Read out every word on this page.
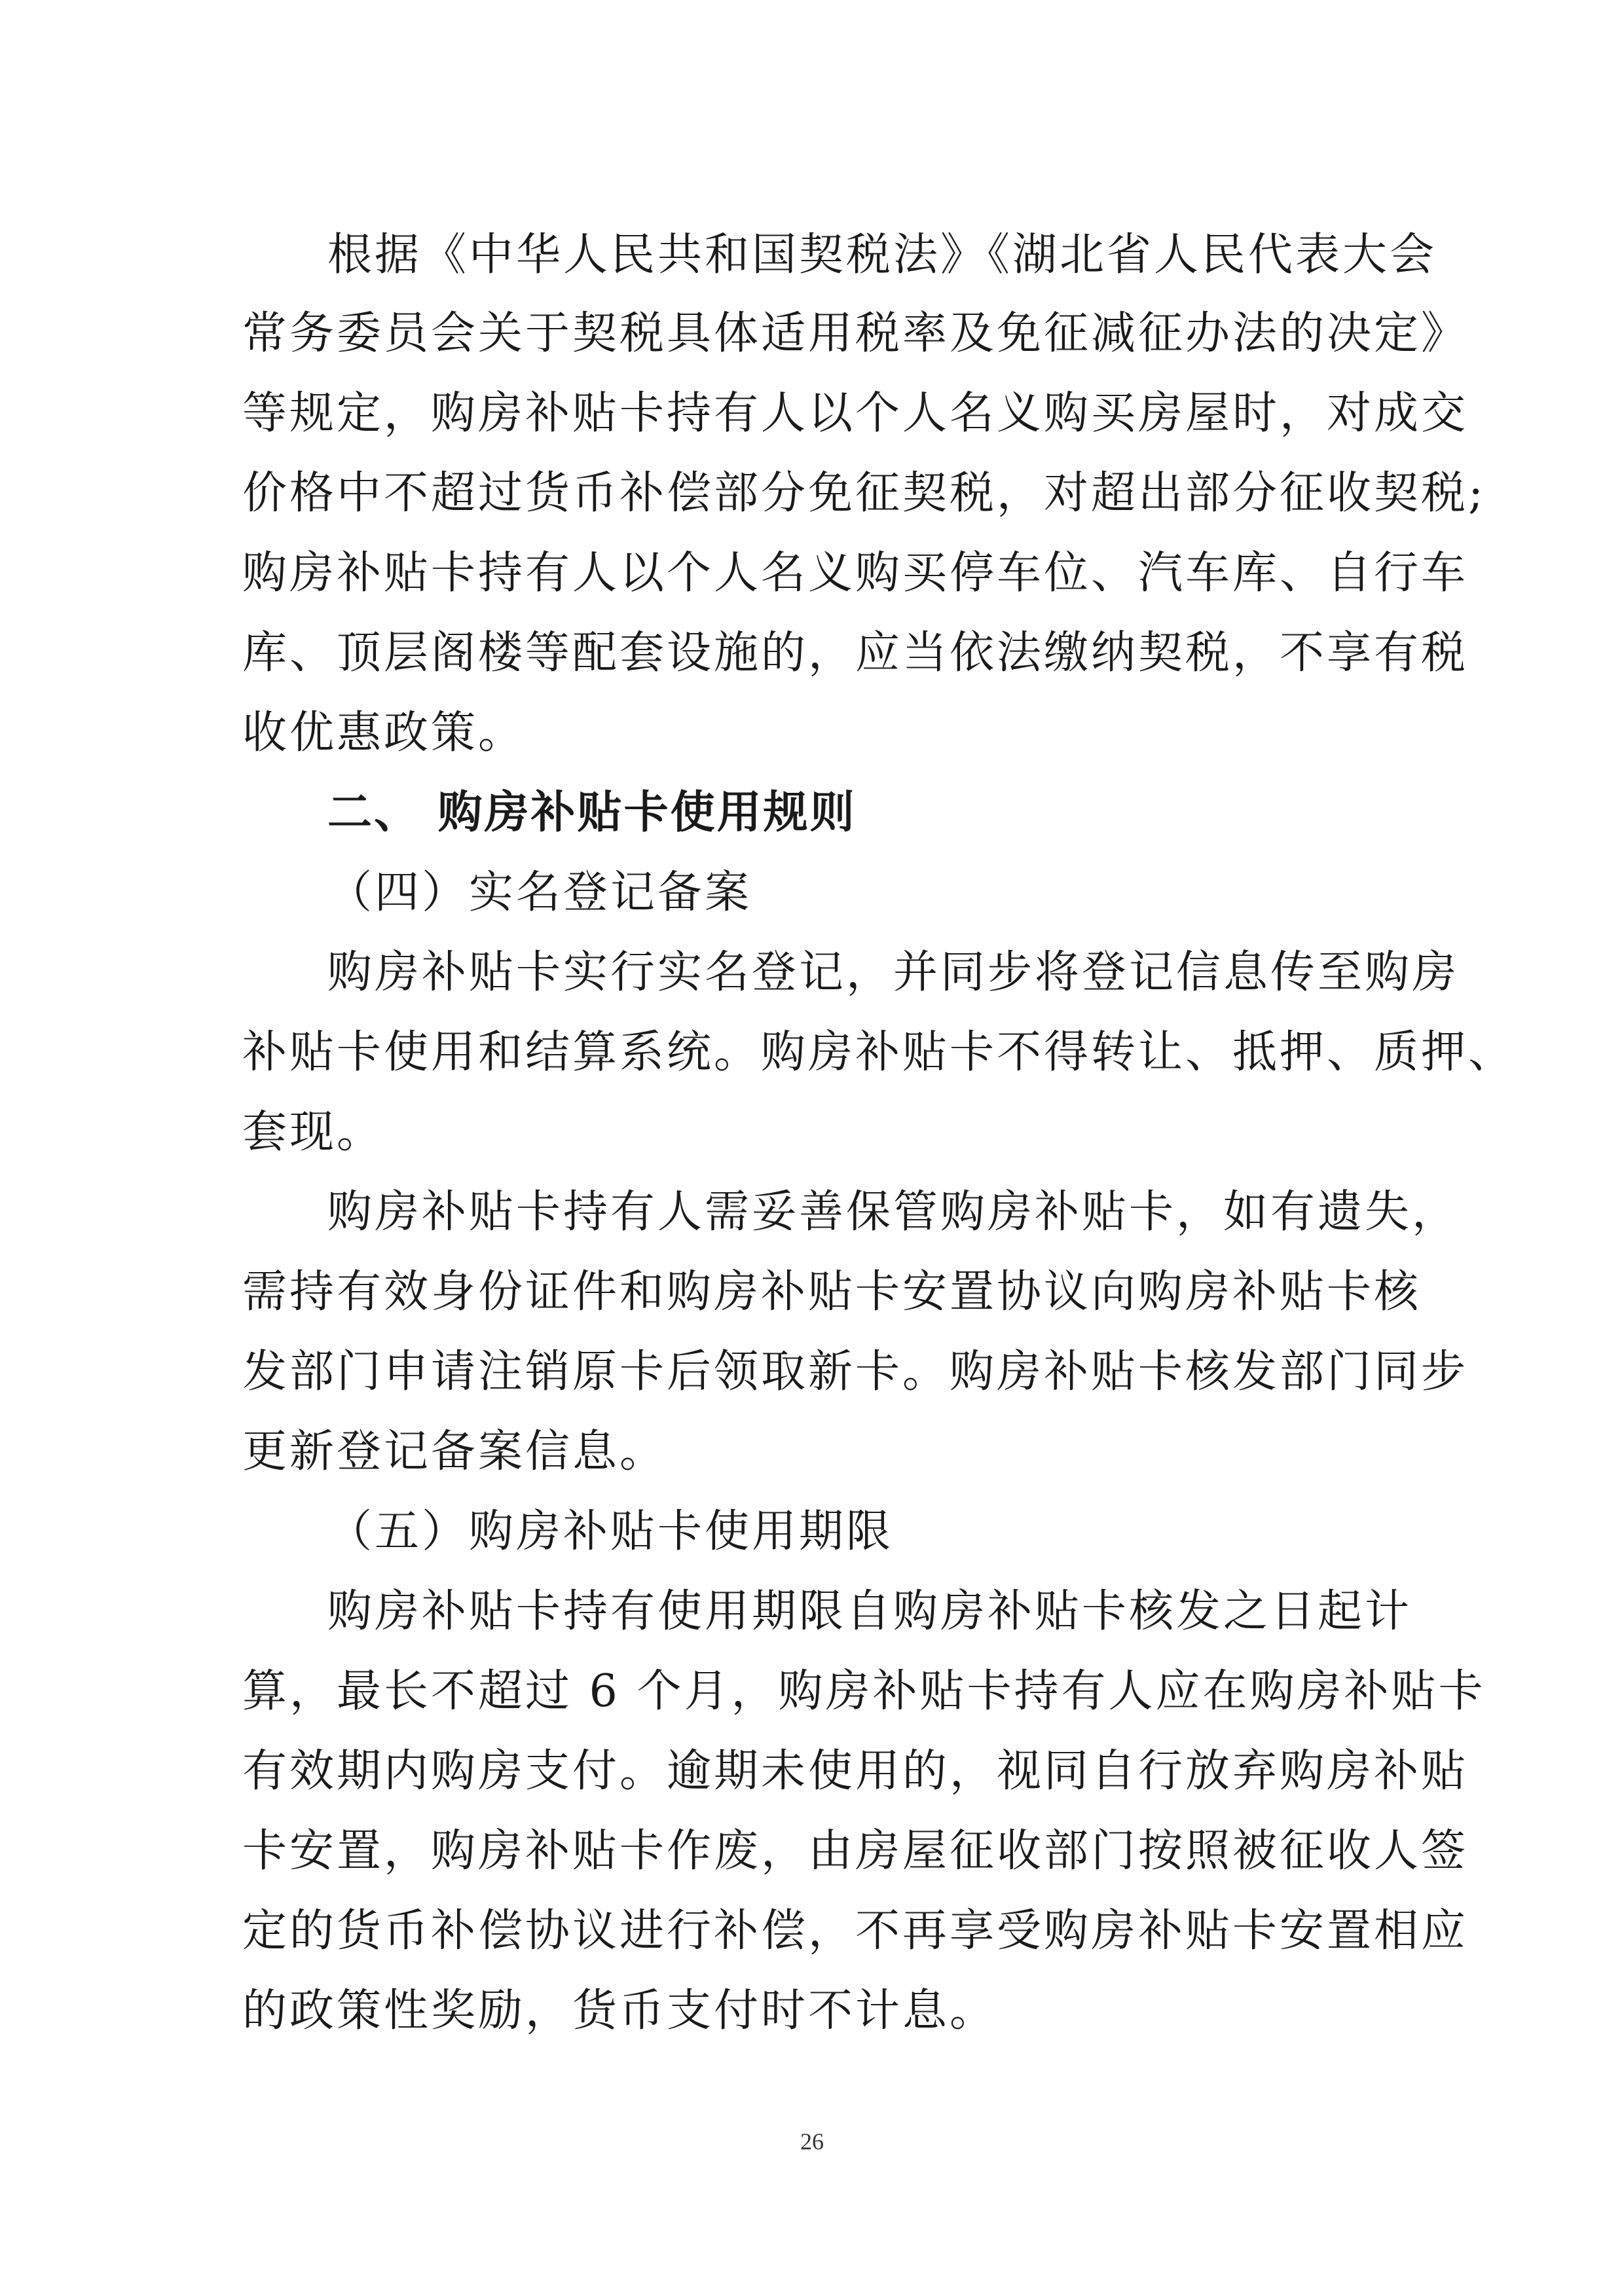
根据《中华人民共和国契税法》《湖北省人民代表大会
常务委员会关于契税具体适用税率及免征减征办法的决定》
等规定，购房补贴卡持有人以个人名义购买房屋时，对成交
价格中不超过货币补偿部分免征契税，对超出部分征收契税;
购房补贴卡持有人以个人名义购买停车位、汽车库、自行车
库、顶层阁楼等配套设施的，应当依法缴纳契税，不享有税
收优惠政策。
二、 购房补贴卡使用规则
（四）实名登记备案
购房补贴卡实行实名登记，并同步将登记信息传至购房
补贴卡使用和结算系统。购房补贴卡不得转让、抵押、质押、
套现。
购房补贴卡持有人需妥善保管购房补贴卡，如有遗失，
需持有效身份证件和购房补贴卡安置协议向购房补贴卡核
发部门申请注销原卡后领取新卡。购房补贴卡核发部门同步
更新登记备案信息。
（五）购房补贴卡使用期限
购房补贴卡持有使用期限自购房补贴卡核发之日起计
算，最长不超过 6 个月，购房补贴卡持有人应在购房补贴卡
有效期内购房支付。逾期未使用的，视同自行放弃购房补贴
卡安置，购房补贴卡作废，由房屋征收部门按照被征收人签
定的货币补偿协议进行补偿，不再享受购房补贴卡安置相应
的政策性奖励，货币支付时不计息。
26
